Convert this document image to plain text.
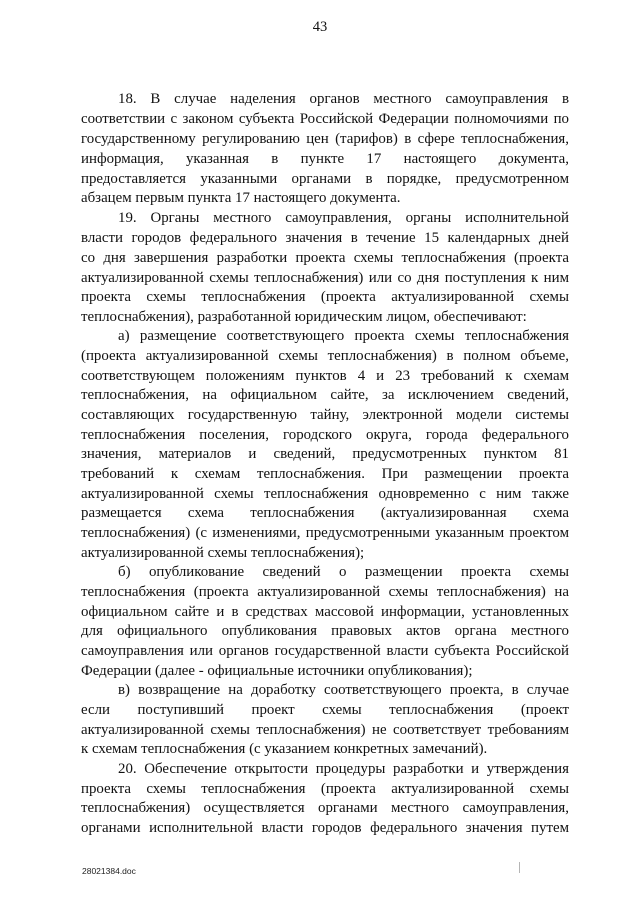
43
18. В случае наделения органов местного самоуправления в
соответствии с законом субъекта Российской Федерации полномочиями по
государственному регулированию цен (тарифов) в сфере теплоснабжения,
информация, указанная в пункте 17 настоящего документа,
предоставляется указанными органами в порядке, предусмотренном
абзацем первым пункта 17 настоящего документа.
19. Органы местного самоуправления, органы исполнительной
власти городов федерального значения в течение 15 календарных дней
со дня завершения разработки проекта схемы теплоснабжения (проекта
актуализированной схемы теплоснабжения) или со дня поступления к ним
проекта схемы теплоснабжения (проекта актуализированной схемы
теплоснабжения), разработанной юридическим лицом, обеспечивают:
а) размещение соответствующего проекта схемы теплоснабжения
(проекта актуализированной схемы теплоснабжения) в полном объеме,
соответствующем положениям пунктов 4 и 23 требований к схемам
теплоснабжения, на официальном сайте, за исключением сведений,
составляющих государственную тайну, электронной модели системы
теплоснабжения поселения, городского округа, города федерального
значения, материалов и сведений, предусмотренных пунктом 81
требований к схемам теплоснабжения. При размещении проекта
актуализированной схемы теплоснабжения одновременно с ним также
размещается схема теплоснабжения (актуализированная схема
теплоснабжения) (с изменениями, предусмотренными указанным проектом
актуализированной схемы теплоснабжения);
б) опубликование сведений о размещении проекта схемы
теплоснабжения (проекта актуализированной схемы теплоснабжения) на
официальном сайте и в средствах массовой информации, установленных
для официального опубликования правовых актов органа местного
самоуправления или органов государственной власти субъекта Российской
Федерации (далее - официальные источники опубликования);
в) возвращение на доработку соответствующего проекта, в случае
если поступивший проект схемы теплоснабжения (проект
актуализированной схемы теплоснабжения) не соответствует требованиям
к схемам теплоснабжения (с указанием конкретных замечаний).
20. Обеспечение открытости процедуры разработки и утверждения
проекта схемы теплоснабжения (проекта актуализированной схемы
теплоснабжения) осуществляется органами местного самоуправления,
органами исполнительной власти городов федерального значения путем
28021384.doc
